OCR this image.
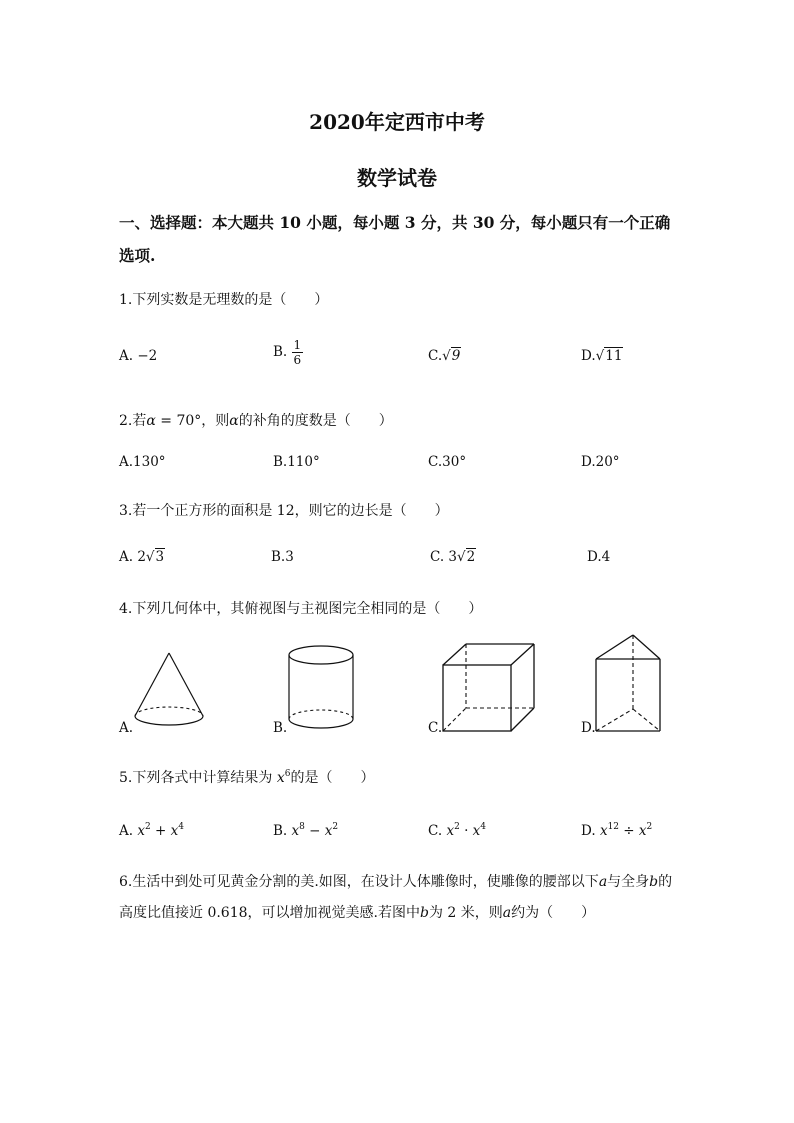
2020年定西市中考
数学试卷
一、选择题：本大题共 10 小题，每小题 3 分，共 30 分，每小题只有一个正确
选项.
1.下列实数是无理数的是（　　）
A. −2	B. $\frac{1}{6}$	C.√9	D.√11
2.若α = 70°，则α的补角的度数是（　　）
A.130°	B.110°	C.30°	D.20°
3.若一个正方形的面积是 12，则它的边长是（　　）
A. 2√3	B.3	C. 3√2	D.4
4.下列几何体中，其俯视图与主视图完全相同的是（　　）
A.	B.	C.	D.
5.下列各式中计算结果为 $x^6$的是（　　）
A. $x^2 + x^4$	B. $x^8 - x^2$	C. $x^2 \cdot x^4$	D. $x^{12} \div x^2$
6.生活中到处可见黄金分割的美.如图，在设计人体雕像时，使雕像的腰部以下a与全身b的
高度比值接近 0.618，可以增加视觉美感.若图中b为 2 米，则a约为（　　）
